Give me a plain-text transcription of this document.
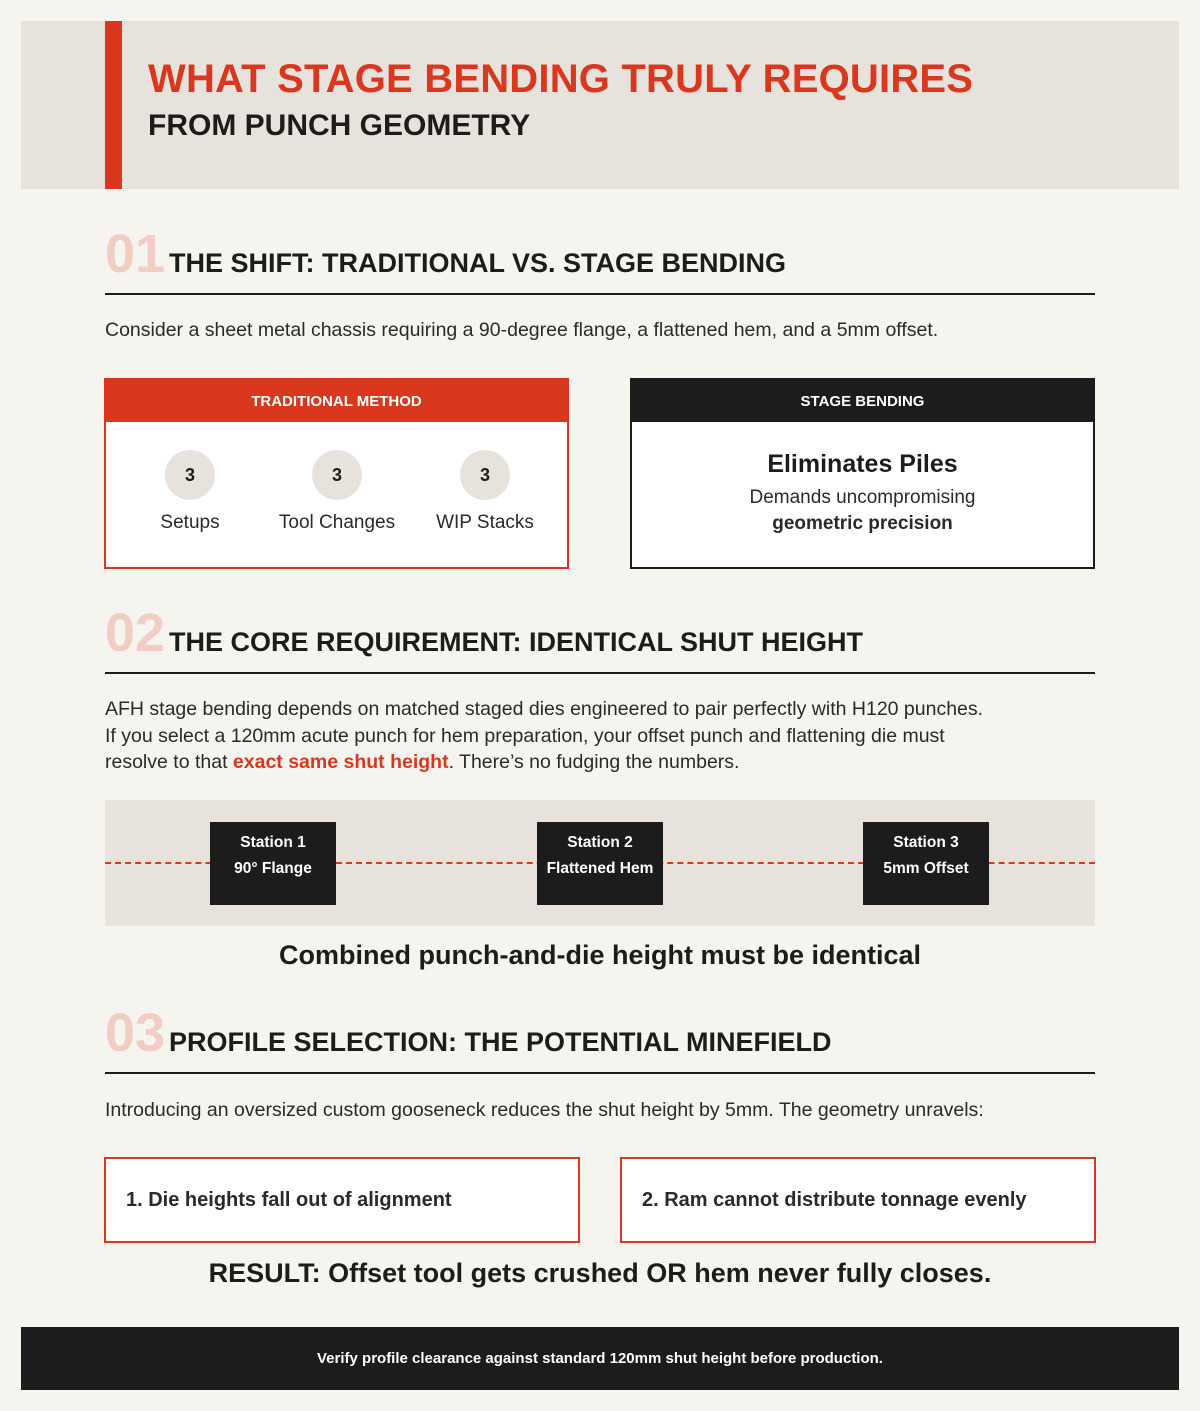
WHAT STAGE BENDING TRULY REQUIRES
FROM PUNCH GEOMETRY
01 THE SHIFT: TRADITIONAL VS. STAGE BENDING
Consider a sheet metal chassis requiring a 90-degree flange, a flattened hem, and a 5mm offset.
TRADITIONAL METHOD
3
Setups
3
Tool Changes
3
WIP Stacks
STAGE BENDING
Eliminates Piles
Demands uncompromising
geometric precision
02 THE CORE REQUIREMENT: IDENTICAL SHUT HEIGHT
AFH stage bending depends on matched staged dies engineered to pair perfectly with H120 punches.
If you select a 120mm acute punch for hem preparation, your offset punch and flattening die must
resolve to that exact same shut height. There’s no fudging the numbers.
Station 1
90° Flange
Station 2
Flattened Hem
Station 3
5mm Offset
Combined punch-and-die height must be identical
03 PROFILE SELECTION: THE POTENTIAL MINEFIELD
Introducing an oversized custom gooseneck reduces the shut height by 5mm. The geometry unravels:
1. Die heights fall out of alignment	2. Ram cannot distribute tonnage evenly
RESULT: Offset tool gets crushed OR hem never fully closes.
Verify profile clearance against standard 120mm shut height before production.
